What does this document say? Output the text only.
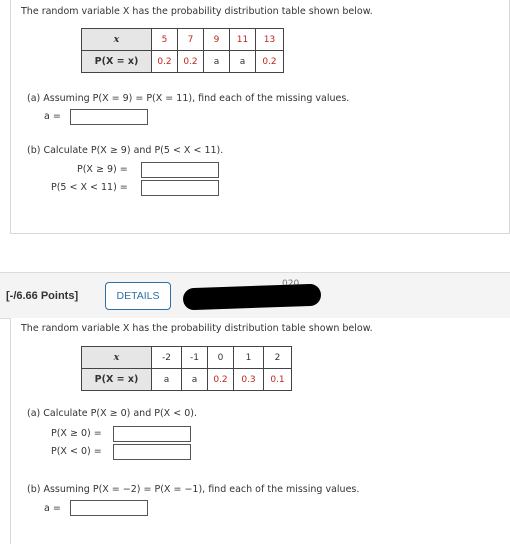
The random variable X has the probability distribution table shown below.
x	5	7	9	11	13
P(X = x)	0.2	0.2	a	a	0.2
(a) Assuming P(X = 9) = P(X = 11), find each of the missing values.
a =
(b) Calculate P(X ≥ 9) and P(5 < X < 11).
P(X ≥ 9) =
P(5 < X < 11) =
[-/6.66 Points]	DETAILS
The random variable X has the probability distribution table shown below.
x	-2	-1	0	1	2
P(X = x)	a	a	0.2	0.3	0.1
(a) Calculate P(X ≥ 0) and P(X < 0).
P(X ≥ 0) =
P(X < 0) =
(b) Assuming P(X = −2) = P(X = −1), find each of the missing values.
a =
